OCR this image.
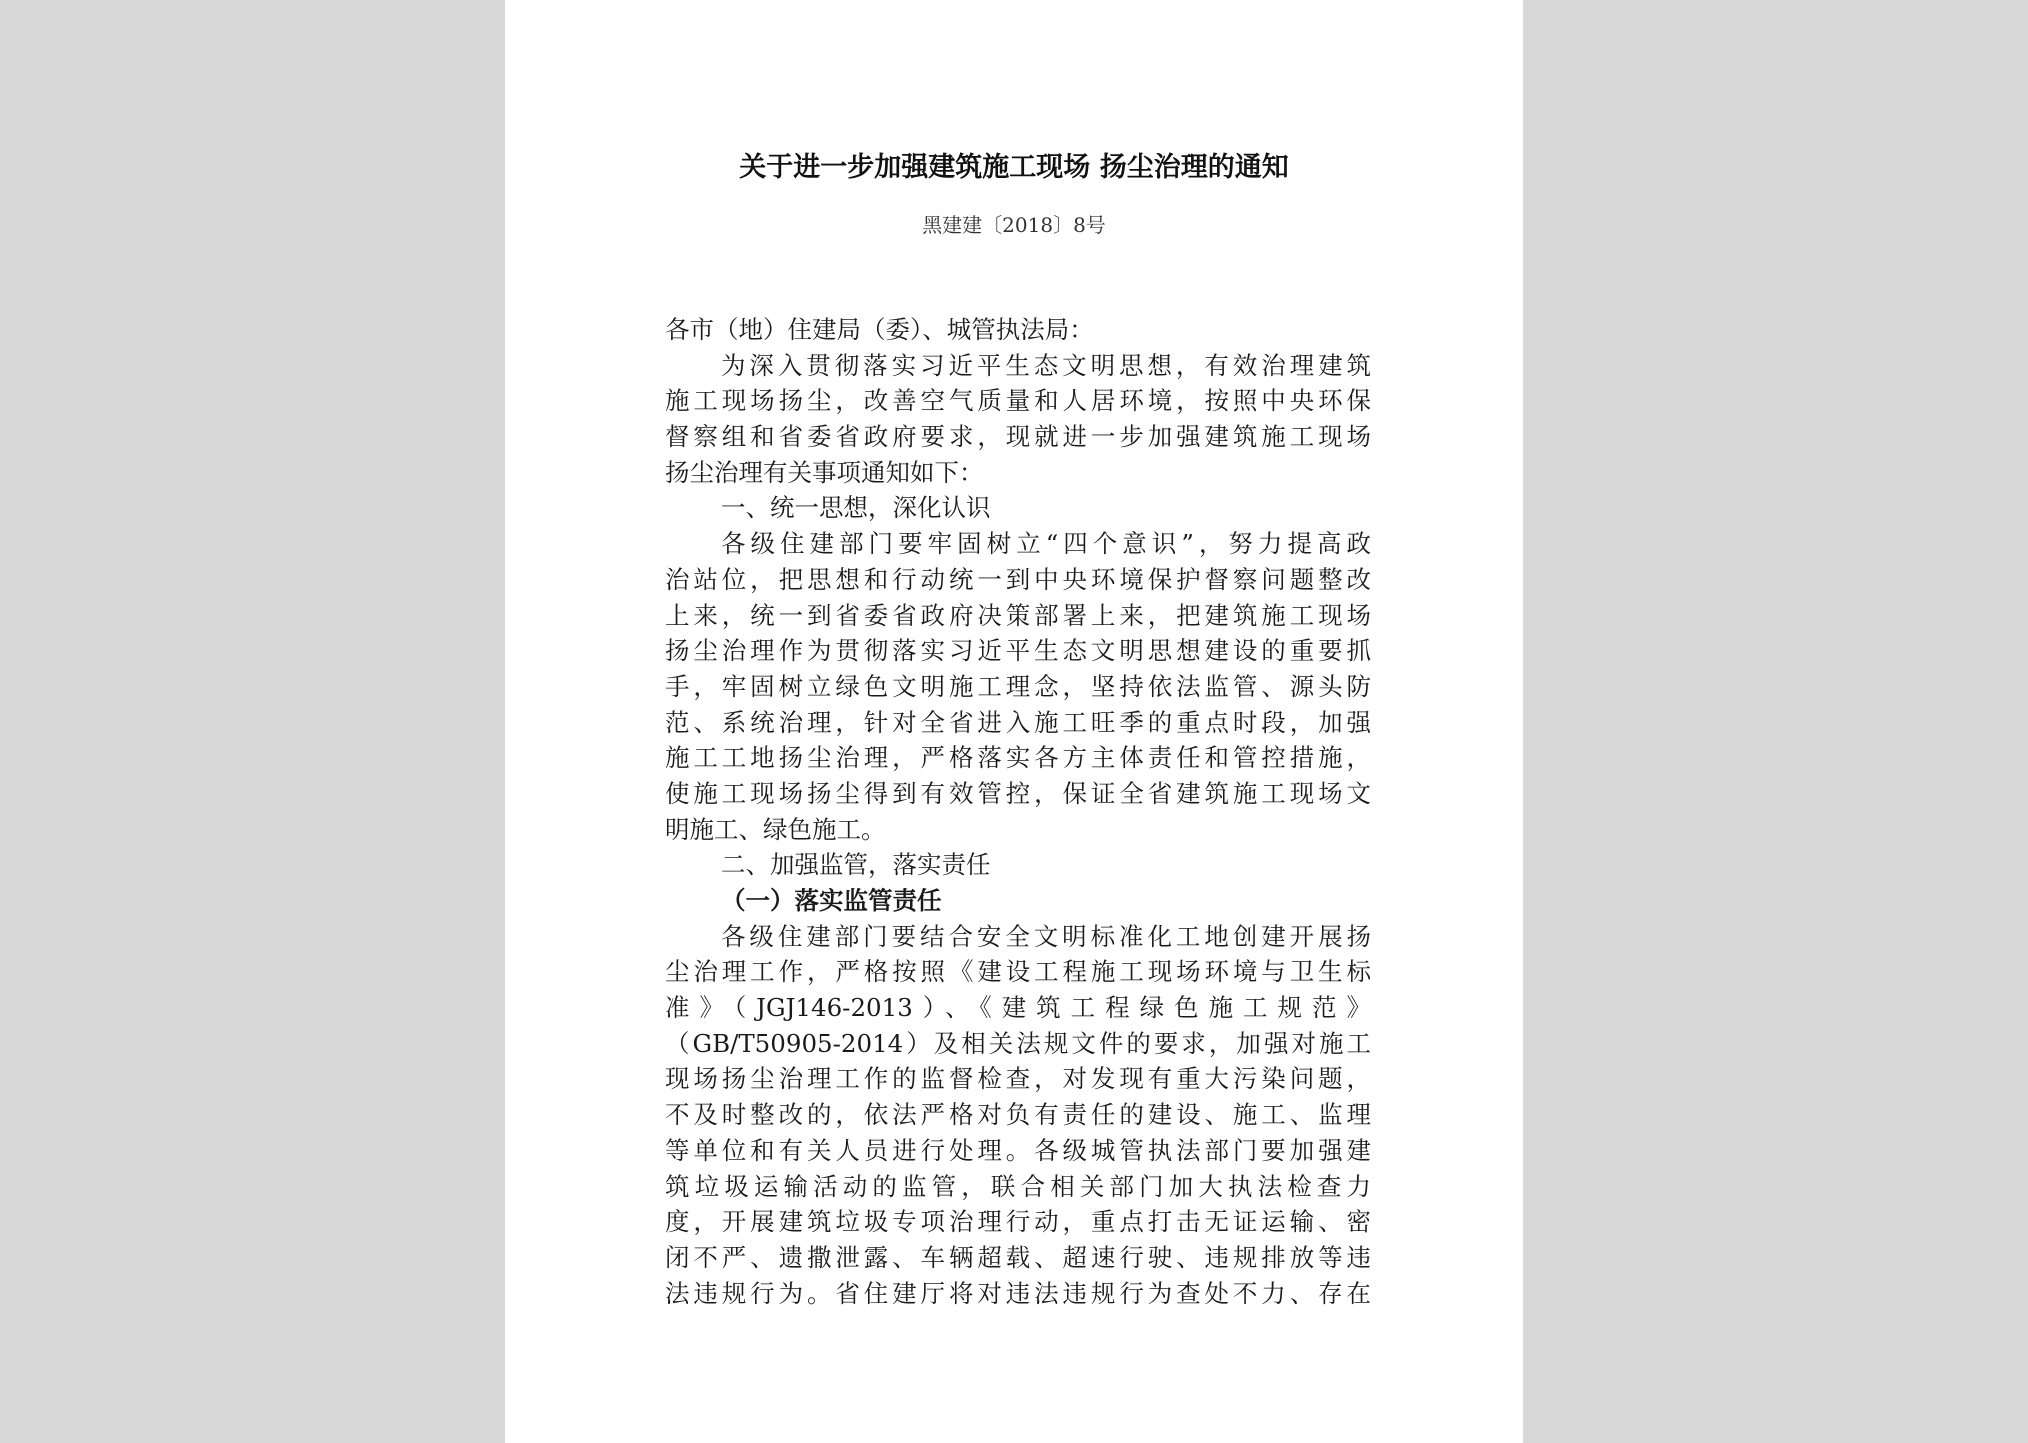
关于进一步加强建筑施工现场 扬尘治理的通知
黑建建〔2018〕8号
各市（地）住建局（委）、城管执法局：
为深入贯彻落实习近平生态文明思想，有效治理建筑
施工现场扬尘，改善空气质量和人居环境，按照中央环保
督察组和省委省政府要求，现就进一步加强建筑施工现场
扬尘治理有关事项通知如下：
一、统一思想，深化认识
各级住建部门要牢固树立“四个意识”，努力提高政
治站位，把思想和行动统一到中央环境保护督察问题整改
上来，统一到省委省政府决策部署上来，把建筑施工现场
扬尘治理作为贯彻落实习近平生态文明思想建设的重要抓
手，牢固树立绿色文明施工理念，坚持依法监管、源头防
范、系统治理，针对全省进入施工旺季的重点时段，加强
施工工地扬尘治理，严格落实各方主体责任和管控措施，
使施工现场扬尘得到有效管控，保证全省建筑施工现场文
明施工、绿色施工。
二、加强监管，落实责任
（一）落实监管责任
各级住建部门要结合安全文明标准化工地创建开展扬
尘治理工作，严格按照《建设工程施工现场环境与卫生标
准》（JGJ146-2013）、《建筑工程绿色施工规范》
（GB/T50905-2014）及相关法规文件的要求，加强对施工
现场扬尘治理工作的监督检查，对发现有重大污染问题，
不及时整改的，依法严格对负有责任的建设、施工、监理
等单位和有关人员进行处理。各级城管执法部门要加强建
筑垃圾运输活动的监管，联合相关部门加大执法检查力
度，开展建筑垃圾专项治理行动，重点打击无证运输、密
闭不严、遗撒泄露、车辆超载、超速行驶、违规排放等违
法违规行为。省住建厅将对违法违规行为查处不力、存在
